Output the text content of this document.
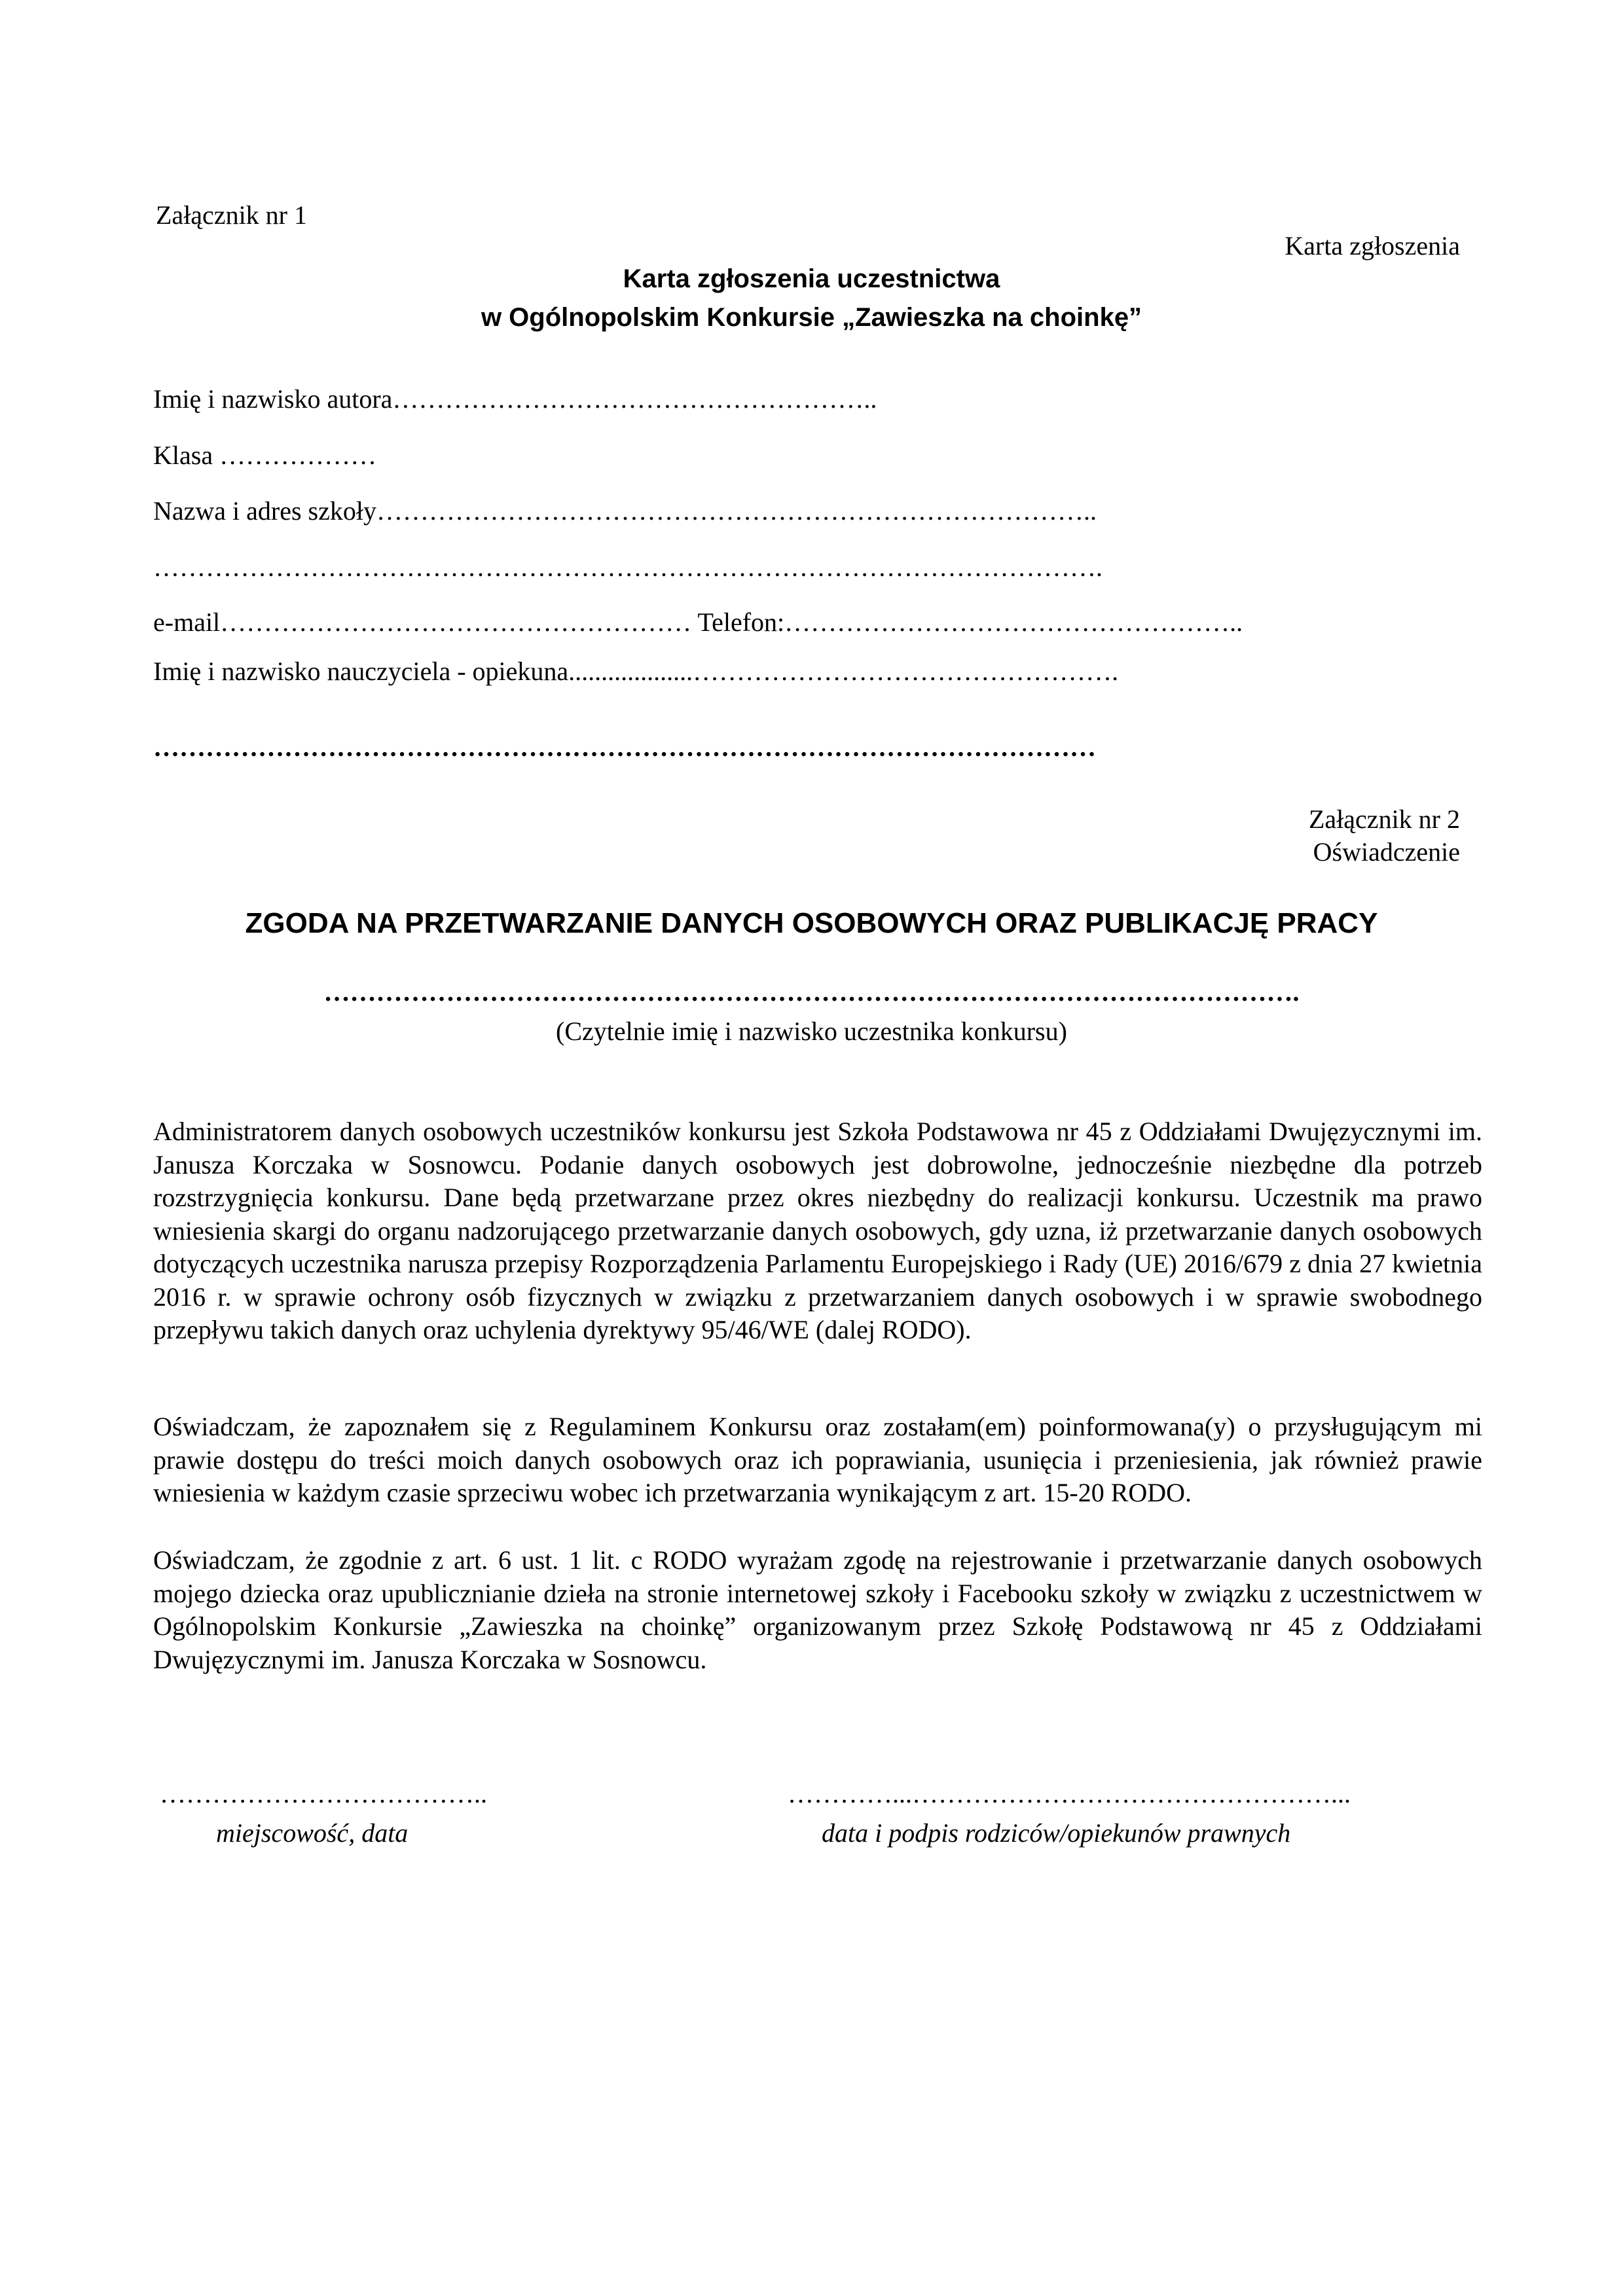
Załącznik nr 1
Karta zgłoszenia
Karta zgłoszenia uczestnictwa
w Ogólnopolskim Konkursie „Zawieszka na choinkę”
Imię i nazwisko autora………………………………………………..
Klasa ………………
Nazwa i adres szkoły………………………………………………………………………..
……………………………………………………………………………………………….
e-mail……………………………………………… Telefon:……………………………………………..
Imię i nazwisko nauczyciela - opiekuna...................………………………………………….
………………………………………………………………………………………………
Załącznik nr 2
Oświadczenie
ZGODA NA PRZETWARZANIE DANYCH OSOBOWYCH ORAZ PUBLIKACJĘ PRACY
………………………………………………………………………………………………….
(Czytelnie imię i nazwisko uczestnika konkursu)

Administratorem danych osobowych uczestników konkursu jest Szkoła Podstawowa nr 45 z Oddziałami Dwujęzycznymi im. Janusza Korczaka w Sosnowcu. Podanie danych osobowych jest dobrowolne, jednocześnie niezbędne dla potrzeb rozstrzygnięcia konkursu. Dane będą przetwarzane przez okres niezbędny do realizacji konkursu. Uczestnik ma prawo wniesienia skargi do organu nadzorującego przetwarzanie danych osobowych, gdy uzna, iż przetwarzanie danych osobowych dotyczących uczestnika narusza przepisy Rozporządzenia Parlamentu Europejskiego i Rady (UE) 2016/679 z dnia 27 kwietnia 2016 r. w sprawie ochrony osób fizycznych w związku z przetwarzaniem danych osobowych i w sprawie swobodnego przepływu takich danych oraz uchylenia dyrektywy 95/46/WE (dalej RODO).

Oświadczam, że zapoznałem się z Regulaminem Konkursu oraz zostałam(em) poinformowana(y) o przysługującym mi prawie dostępu do treści moich danych osobowych oraz ich poprawiania, usunięcia i przeniesienia, jak również prawie wniesienia w każdym czasie sprzeciwu wobec ich przetwarzania wynikającym z art. 15-20 RODO.

Oświadczam, że zgodnie z art. 6 ust. 1 lit. c RODO wyrażam zgodę na rejestrowanie i przetwarzanie danych osobowych mojego dziecka oraz upublicznianie dzieła na stronie internetowej szkoły i Facebooku szkoły w związku z uczestnictwem w Ogólnopolskim Konkursie „Zawieszka na choinkę” organizowanym przez Szkołę Podstawową nr 45 z Oddziałami Dwujęzycznymi im. Janusza Korczaka w Sosnowcu.

………………………………..
miejscowość, data
…………...…………………………………………...
data i podpis rodziców/opiekunów prawnych
